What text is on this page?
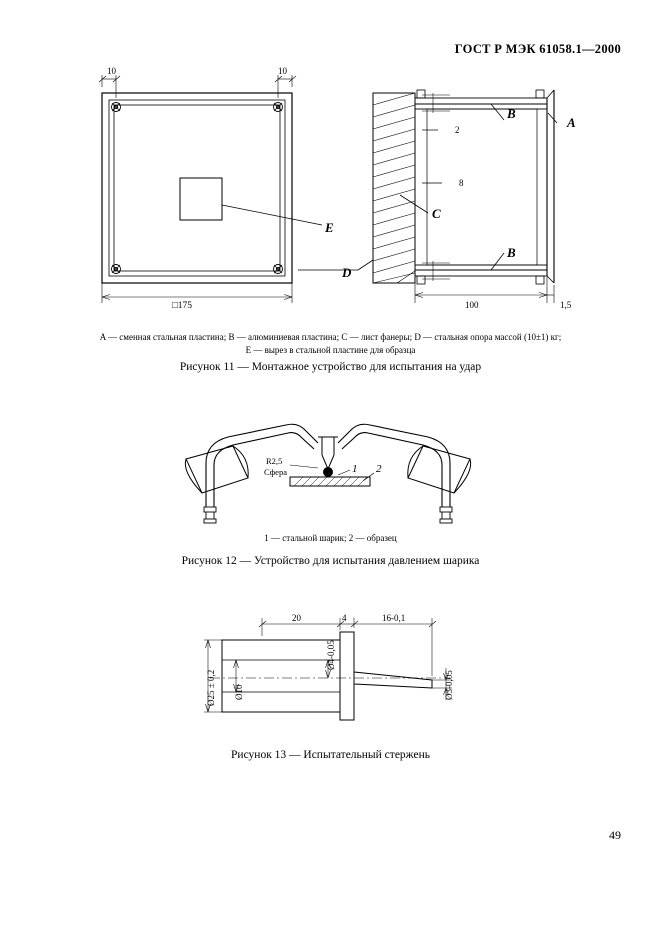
ГОСТ Р МЭК 61058.1—2000
10	10
□175
2
8
100	1,5
E
A
B
B
C
D
A — сменная стальная пластина; B — алюминиевая пластина; C — лист фанеры; D — стальная опора массой (10±1) кг;
E — вырез в стальной пластине для образца
Рисунок 11 — Монтажное устройство для испытания на удар
R2,5
Сфера	1 2
1 — стальной шарик; 2 — образец
Рисунок 12 — Устройство для испытания давлением шарика
20	4	16-0,1
Ø25 ± 0,2 Ø10
Ø4-0,05
Ø3-0,05
Рисунок 13 — Испытательный стержень
49
